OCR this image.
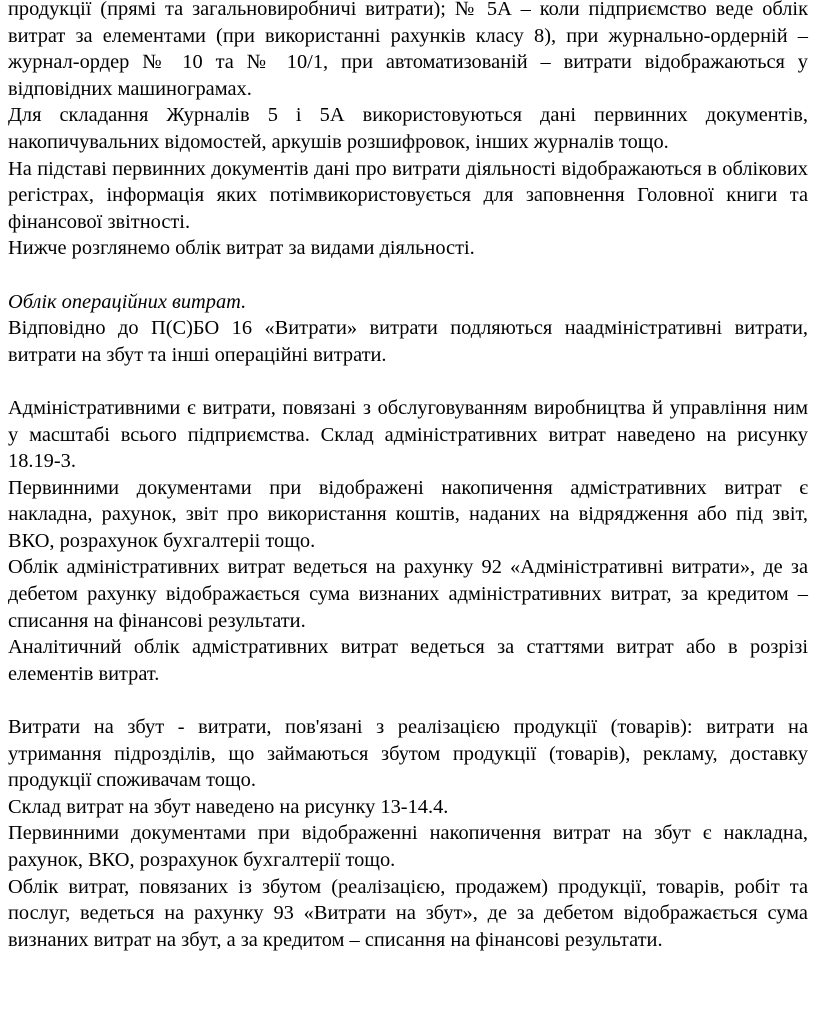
продукції (прямі та загальновиробничі витрати); № 5А – коли підприємство веде облік витрат за елементами (при використанні рахунків класу 8), при журнально-ордерній – журнал-ордер № 10 та № 10/1, при автоматизованій – витрати відображаються у відповідних машинограмах.

Для складання Журналів 5 і 5А використовуються дані первинних документів, накопичувальних відомостей, аркушів розшифровок, інших журналів тощо.

На підставі первинних документів дані про витрати діяльності відображаються в облікових регістрах, інформація яких потімвикористовується для заповнення Головної книги та фінансової звітності.

Нижче розглянемо облік витрат за видами діяльності.

Облік операційних витрат.

Відповідно до П(С)БО 16 «Витрати» витрати подляються наадміністративні витрати, витрати на збут та інші операційні витрати.

Адміністративними є витрати, повязані з обслуговуванням виробництва й управління ним у масштабі всього підприємства. Склад адміністративних витрат наведено на рисунку 18.19-3.

Первинними документами при відображені накопичення адмістративних витрат є накладна, рахунок, звіт про використання коштів, наданих на відрядження або під звіт, ВКО, розрахунок бухгалтеріі тощо.

Облік адміністративних витрат ведеться на рахунку 92 «Адміністративні витрати», де за дебетом рахунку відображається сума визнаних адміністративних витрат, за кредитом – списання на фінансові результати.

Аналітичний облік адмістративних витрат ведеться за статтями витрат або в розрізі елементів витрат.

Витрати на збут - витрати, пов'язані з реалізацією продукції (товарів): витрати на утримання підрозділів, що займаються збутом продукції (товарів), рекламу, доставку продукції споживачам тощо.

Склад витрат на збут наведено на рисунку 13-14.4.

Первинними документами при відображенні накопичення витрат на збут є накладна, рахунок, ВКО, розрахунок бухгалтерії тощо.

Облік витрат, повязаних із збутом (реалізацією, продажем) продукції, товарів, робіт та послуг, ведеться на рахунку 93 «Витрати на збут», де за дебетом відображається сума визнаних витрат на збут, а за кредитом – списання на фінансові результати.
